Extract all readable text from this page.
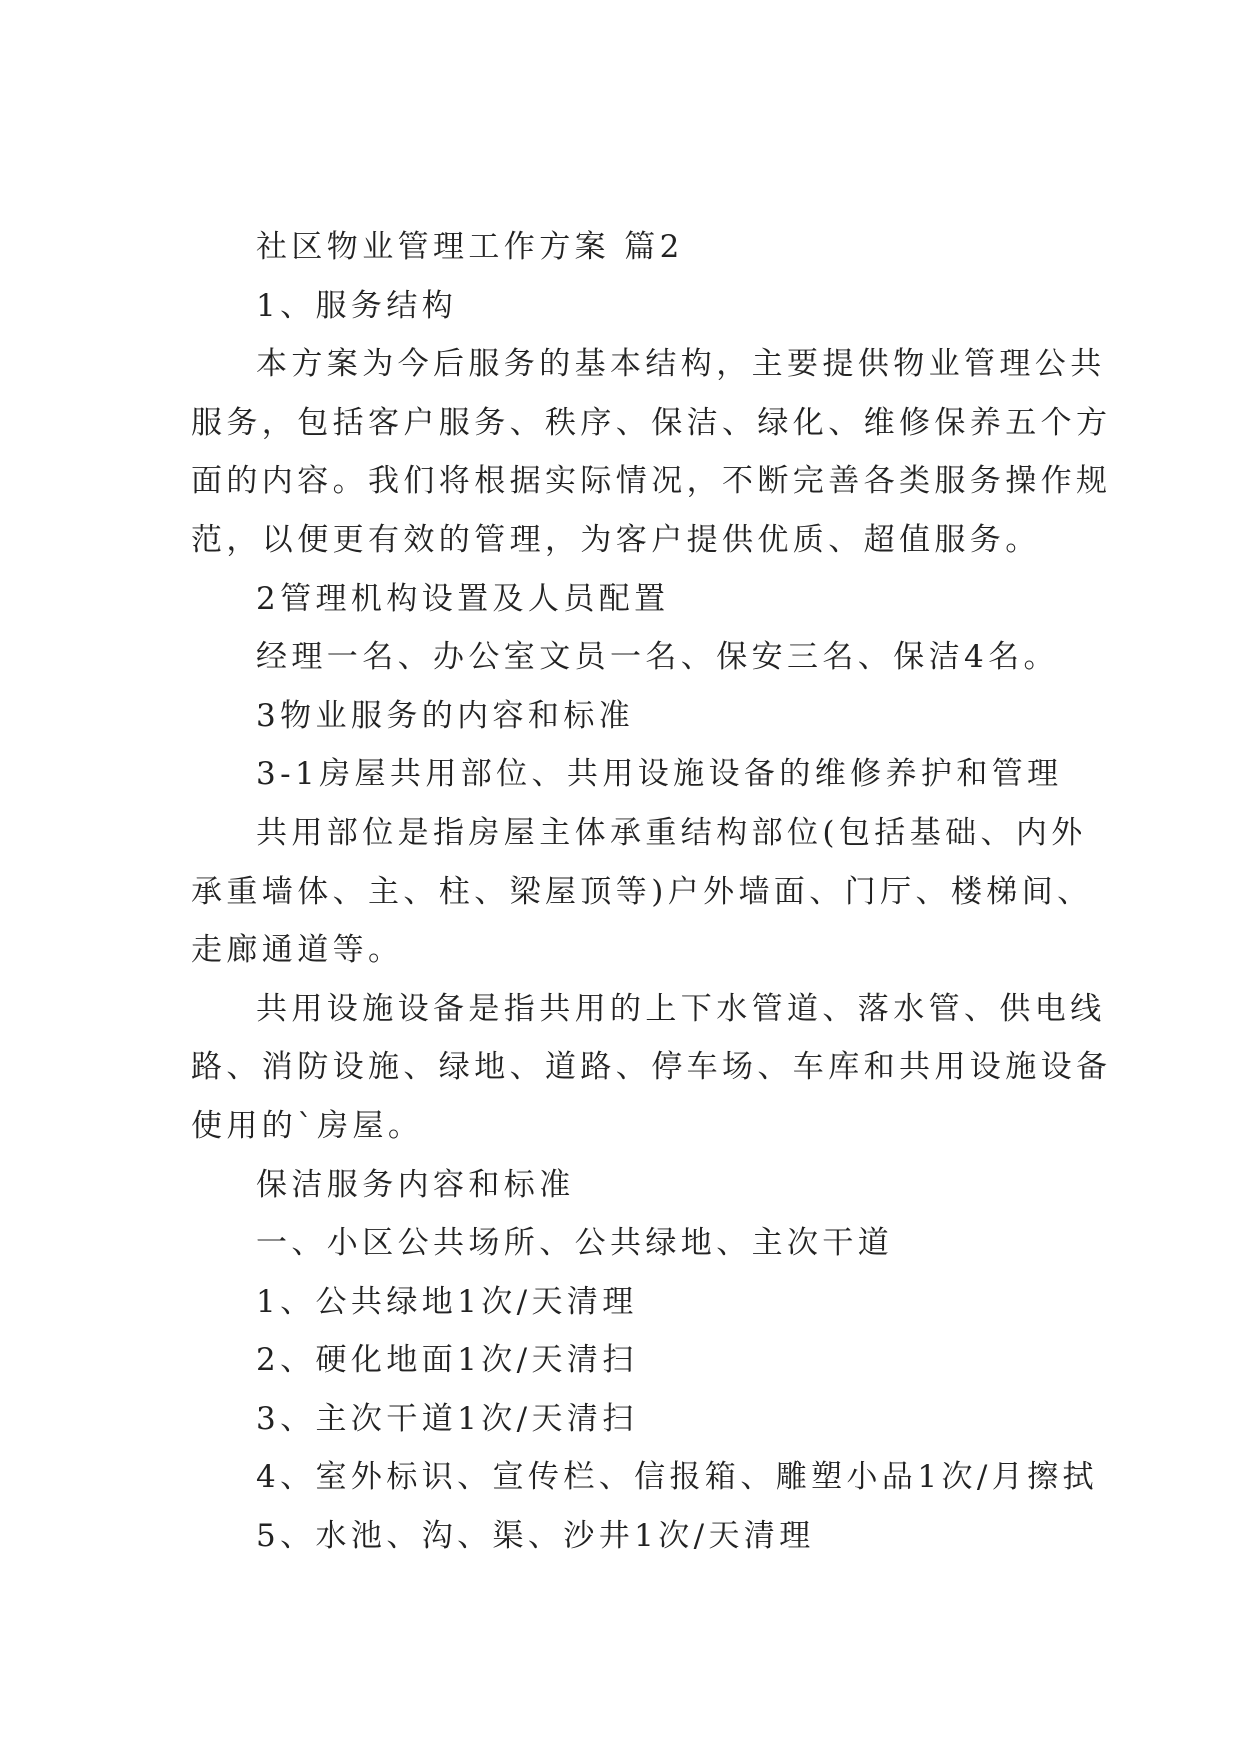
社区物业管理工作方案 篇2
1、服务结构
本方案为今后服务的基本结构，主要提供物业管理公共
服务，包括客户服务、秩序、保洁、绿化、维修保养五个方
面的内容。我们将根据实际情况，不断完善各类服务操作规
范，以便更有效的管理，为客户提供优质、超值服务。
2管理机构设置及人员配置
经理一名、办公室文员一名、保安三名、保洁4名。
3物业服务的内容和标准
3-1房屋共用部位、共用设施设备的维修养护和管理
共用部位是指房屋主体承重结构部位(包括基础、内外
承重墙体、主、柱、梁屋顶等)户外墙面、门厅、楼梯间、
走廊通道等。
共用设施设备是指共用的上下水管道、落水管、供电线
路、消防设施、绿地、道路、停车场、车库和共用设施设备
使用的`房屋。
保洁服务内容和标准
一、小区公共场所、公共绿地、主次干道
1、公共绿地1次/天清理
2、硬化地面1次/天清扫
3、主次干道1次/天清扫
4、室外标识、宣传栏、信报箱、雕塑小品1次/月擦拭
5、水池、沟、渠、沙井1次/天清理
